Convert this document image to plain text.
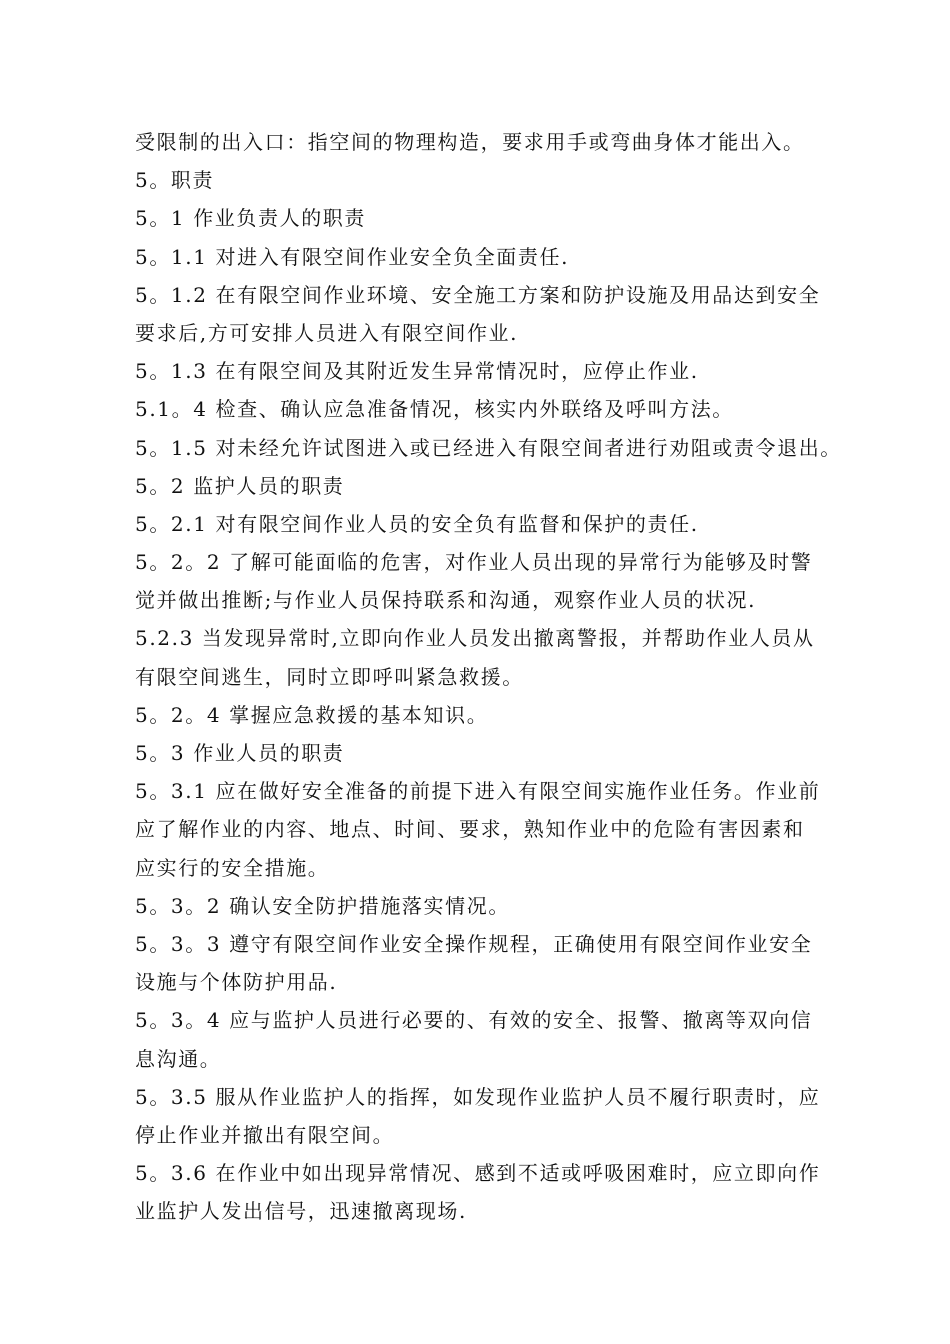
受限制的出入口：指空间的物理构造，要求用手或弯曲身体才能出入。
5。职责
5。1 作业负责人的职责
5。1.1 对进入有限空间作业安全负全面责任.
5。1.2 在有限空间作业环境、安全施工方案和防护设施及用品达到安全
要求后,方可安排人员进入有限空间作业.
5。1.3 在有限空间及其附近发生异常情况时，应停止作业.
5.1。4 检查、确认应急准备情况，核实内外联络及呼叫方法。
5。1.5 对未经允许试图进入或已经进入有限空间者进行劝阻或责令退出。
5。2 监护人员的职责
5。2.1 对有限空间作业人员的安全负有监督和保护的责任.
5。2。2 了解可能面临的危害，对作业人员出现的异常行为能够及时警
觉并做出推断;与作业人员保持联系和沟通，观察作业人员的状况.
5.2.3 当发现异常时,立即向作业人员发出撤离警报，并帮助作业人员从
有限空间逃生，同时立即呼叫紧急救援。
5。2。4 掌握应急救援的基本知识。
5。3 作业人员的职责
5。3.1 应在做好安全准备的前提下进入有限空间实施作业任务。作业前
应了解作业的内容、地点、时间、要求，熟知作业中的危险有害因素和
应实行的安全措施。
5。3。2 确认安全防护措施落实情况。
5。3。3 遵守有限空间作业安全操作规程，正确使用有限空间作业安全
设施与个体防护用品.
5。3。4 应与监护人员进行必要的、有效的安全、报警、撤离等双向信
息沟通。
5。3.5 服从作业监护人的指挥，如发现作业监护人员不履行职责时，应
停止作业并撤出有限空间。
5。3.6 在作业中如出现异常情况、感到不适或呼吸困难时，应立即向作
业监护人发出信号，迅速撤离现场.
